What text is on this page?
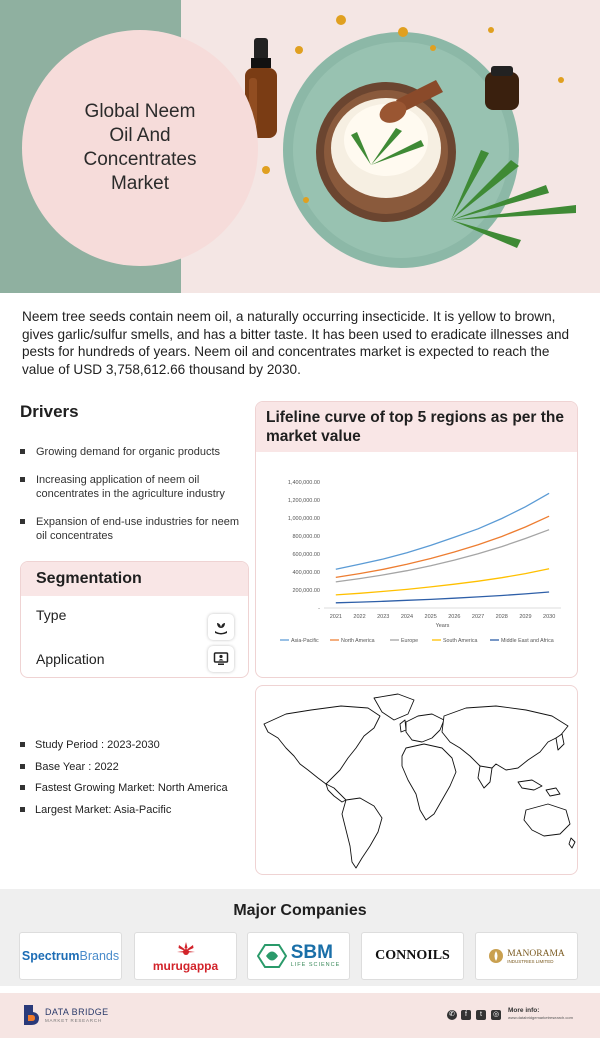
Global Neem
Oil And Concentrates
Market

Neem tree seeds contain neem oil, a naturally occurring insecticide. It is yellow to brown, gives garlic/sulfur smells, and has a bitter taste. It has been used to eradicate illnesses and pests for hundreds of years. Neem oil and concentrates market is expected to reach the value of USD 3,758,612.66 thousand by 2030.

Drivers
Growing demand for organic products
Increasing application of neem oil concentrates in the agriculture industry
Expansion of end-use industries for neem oil concentrates
Segmentation
Type
Application
Lifeline curve of top 5 regions as per the market value
-
200,000.00
400,000.00
600,000.00
800,000.00
1,000,000.00
1,200,000.00
1,400,000.00
2021 2022 2023 2024 2025 2026 2027 2028 2029 2030
Years
Asia-Pacific	North America	Europe	South America	Middle East and Africa
Study Period : 2023-2030
Base Year : 2022
Fastest Growing Market: North America
Largest Market: Asia-Pacific
Major Companies
SpectrumBrands
murugappa
SBM
LIFE SCIENCE
CONNOILS	MANORAMA
INDUSTRIES LIMITED
DATA BRIDGE
MARKET RESEARCH
✆	f	t	◎
More info:
www.databridgemarketresearch.com
